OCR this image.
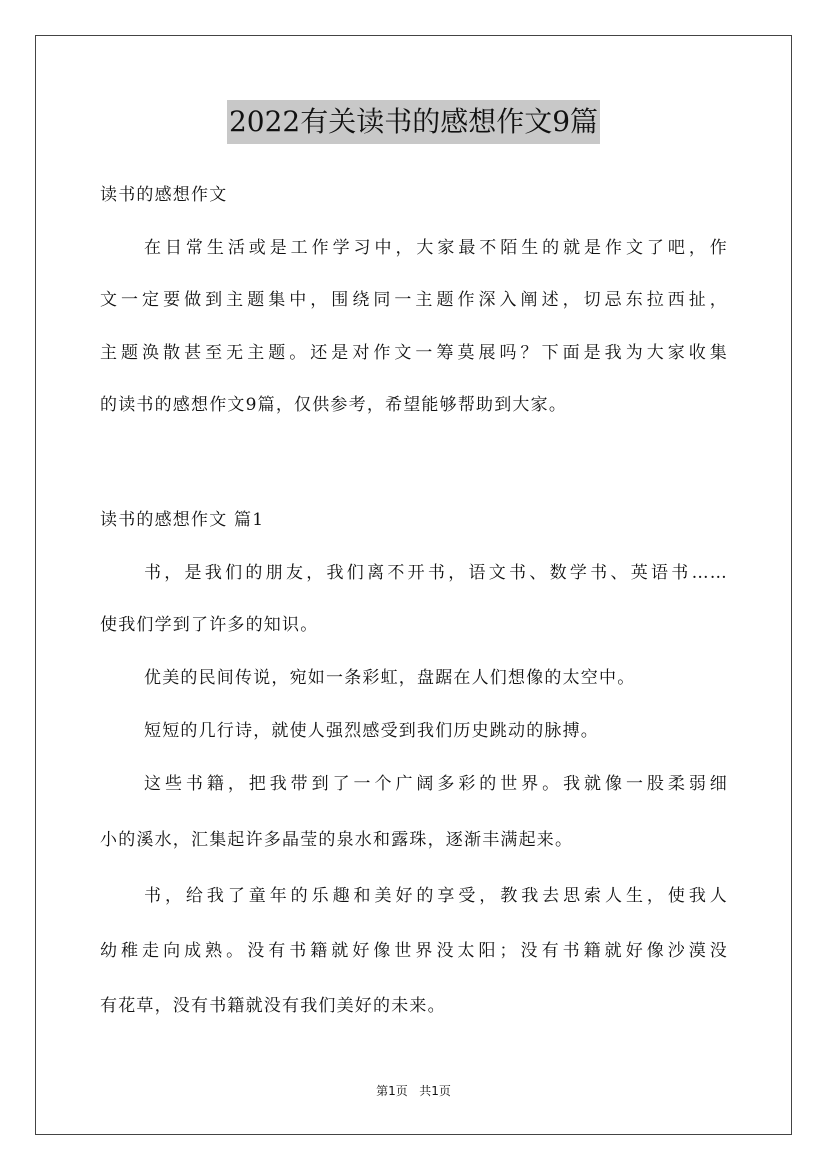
2022有关读书的感想作文9篇
读书的感想作文
在日常生活或是工作学习中，大家最不陌生的就是作文了吧，作
文一定要做到主题集中，围绕同一主题作深入阐述，切忌东拉西扯，
主题涣散甚至无主题。还是对作文一筹莫展吗？下面是我为大家收集
的读书的感想作文9篇，仅供参考，希望能够帮助到大家。
读书的感想作文 篇1
书，是我们的朋友，我们离不开书，语文书、数学书、英语书……
使我们学到了许多的知识。
优美的民间传说，宛如一条彩虹，盘踞在人们想像的太空中。
短短的几行诗，就使人强烈感受到我们历史跳动的脉搏。
这些书籍，把我带到了一个广阔多彩的世界。我就像一股柔弱细
小的溪水，汇集起许多晶莹的泉水和露珠，逐渐丰满起来。
书，给我了童年的乐趣和美好的享受，教我去思索人生，使我人
幼稚走向成熟。没有书籍就好像世界没太阳；没有书籍就好像沙漠没
有花草，没有书籍就没有我们美好的未来。
第1页 共1页
